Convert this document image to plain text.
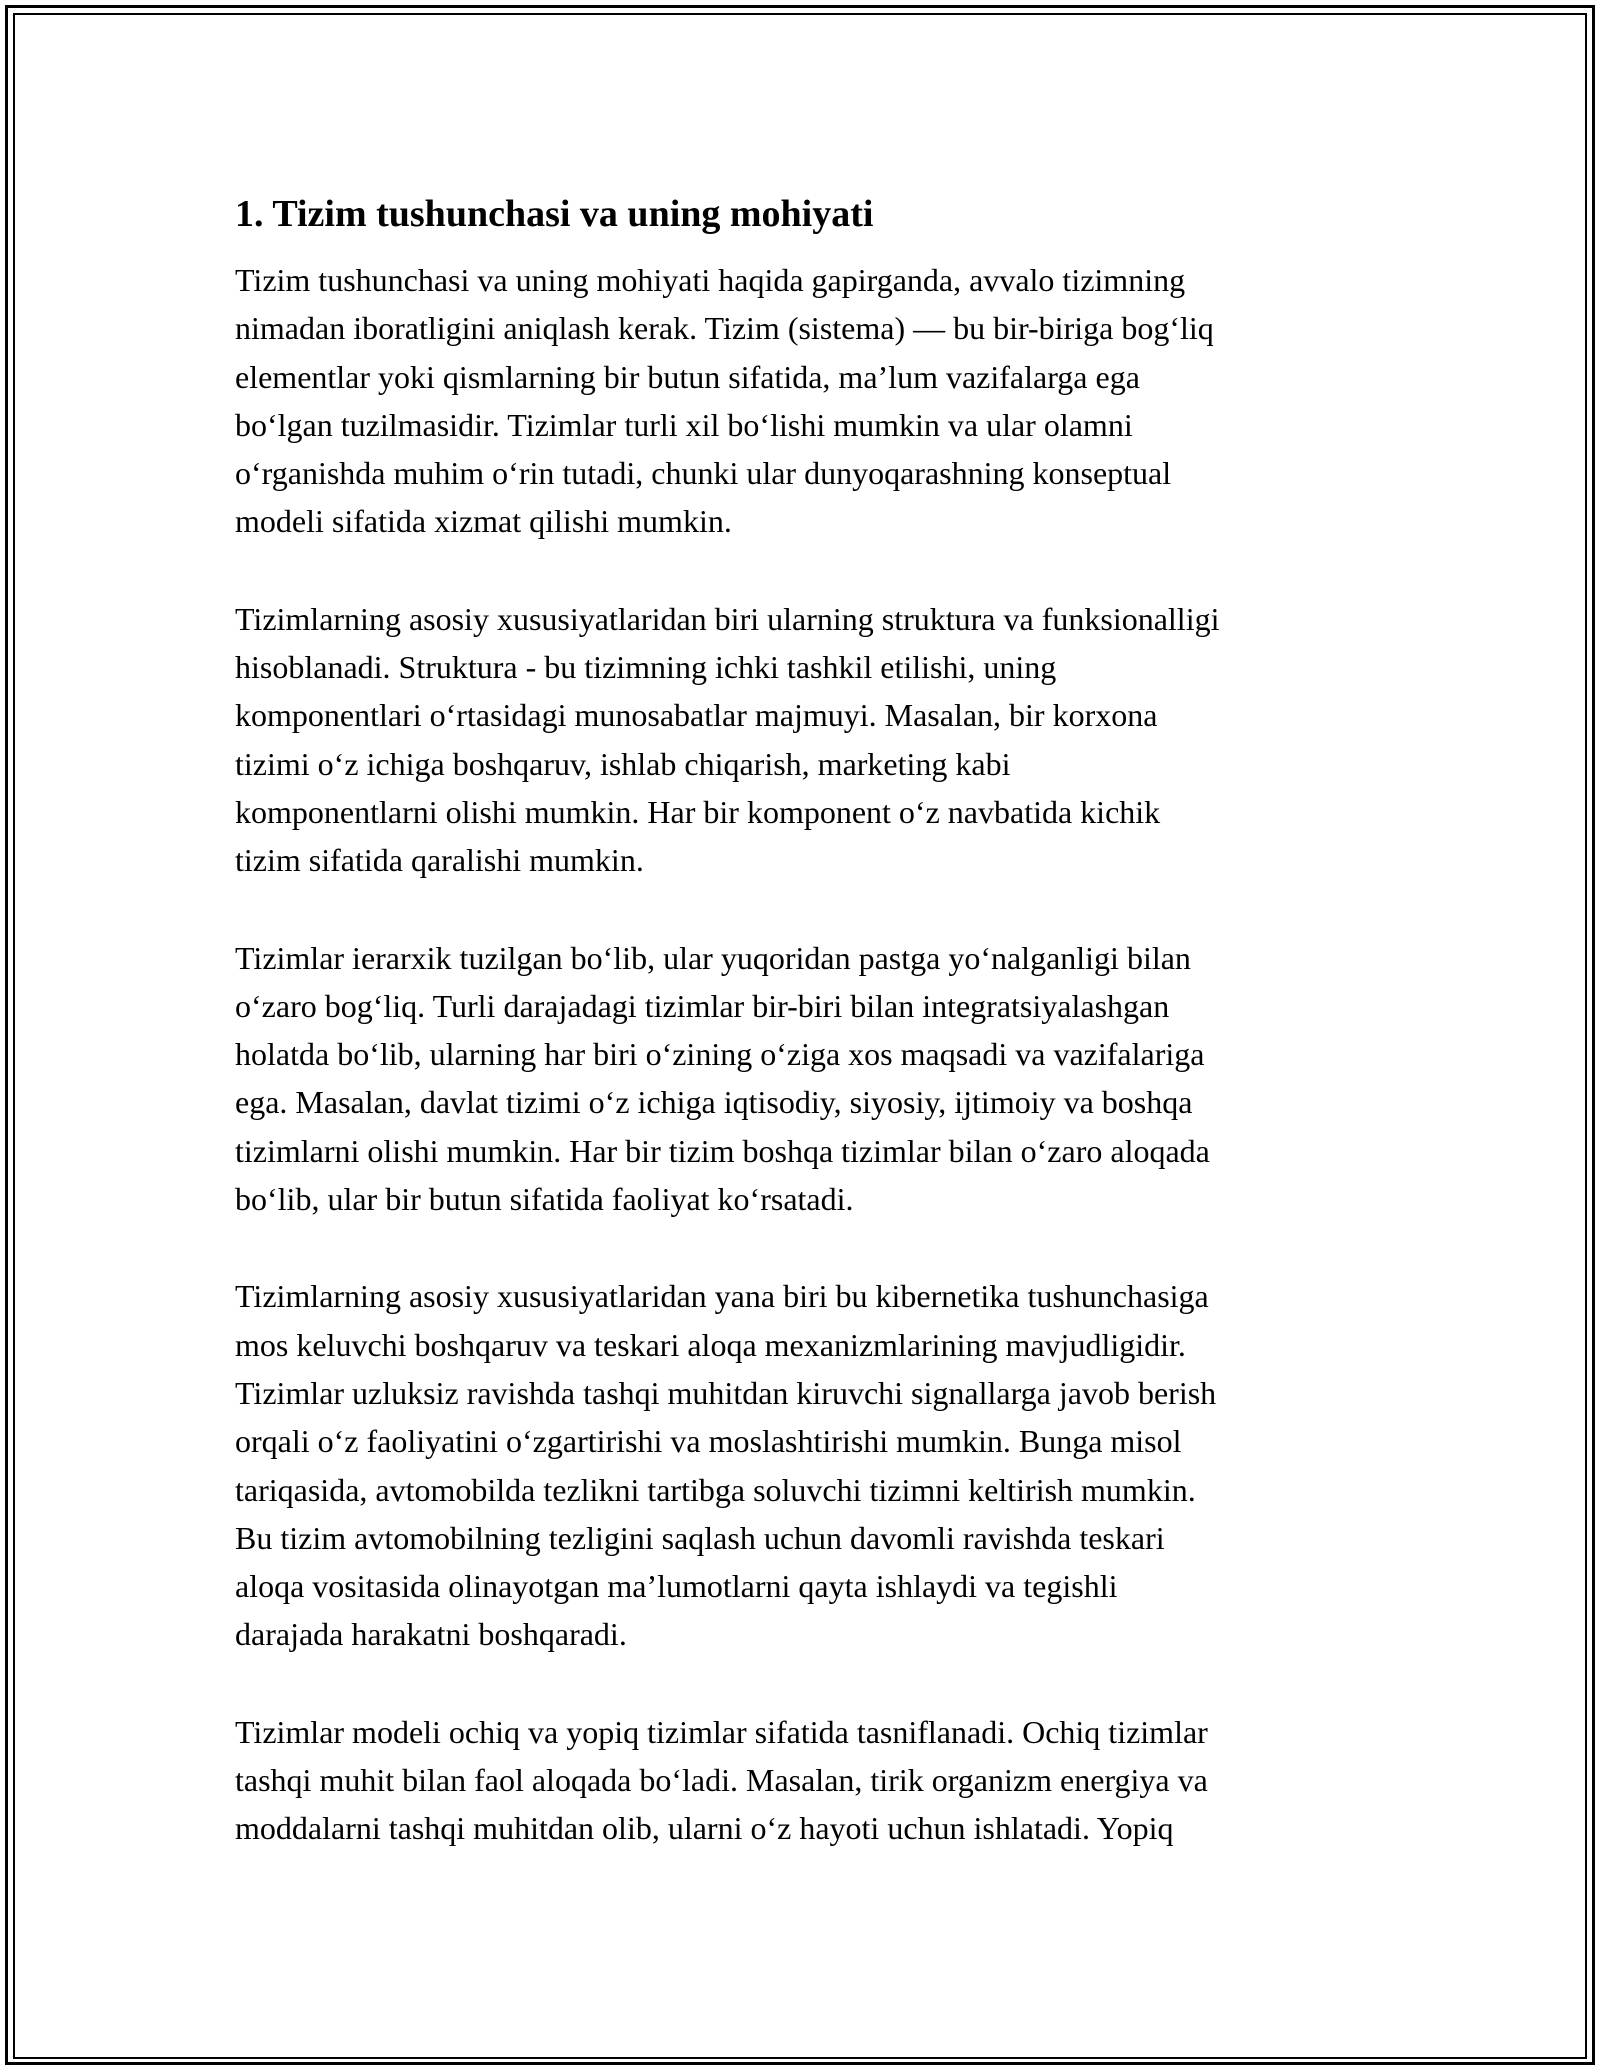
1. Tizim tushunchasi va uning mohiyati
Tizim tushunchasi va uning mohiyati haqida gapirganda, avvalo tizimning
nimadan iboratligini aniqlash kerak. Tizim (sistema) — bu bir-biriga bog‘liq
elementlar yoki qismlarning bir butun sifatida, ma’lum vazifalarga ega
bo‘lgan tuzilmasidir. Tizimlar turli xil bo‘lishi mumkin va ular olamni
o‘rganishda muhim o‘rin tutadi, chunki ular dunyoqarashning konseptual
modeli sifatida xizmat qilishi mumkin.
Tizimlarning asosiy xususiyatlaridan biri ularning struktura va funksionalligi
hisoblanadi. Struktura - bu tizimning ichki tashkil etilishi, uning
komponentlari o‘rtasidagi munosabatlar majmuyi. Masalan, bir korxona
tizimi o‘z ichiga boshqaruv, ishlab chiqarish, marketing kabi
komponentlarni olishi mumkin. Har bir komponent o‘z navbatida kichik
tizim sifatida qaralishi mumkin.
Tizimlar ierarxik tuzilgan bo‘lib, ular yuqoridan pastga yo‘nalganligi bilan
o‘zaro bog‘liq. Turli darajadagi tizimlar bir-biri bilan integratsiyalashgan
holatda bo‘lib, ularning har biri o‘zining o‘ziga xos maqsadi va vazifalariga
ega. Masalan, davlat tizimi o‘z ichiga iqtisodiy, siyosiy, ijtimoiy va boshqa
tizimlarni olishi mumkin. Har bir tizim boshqa tizimlar bilan o‘zaro aloqada
bo‘lib, ular bir butun sifatida faoliyat ko‘rsatadi.
Tizimlarning asosiy xususiyatlaridan yana biri bu kibernetika tushunchasiga
mos keluvchi boshqaruv va teskari aloqa mexanizmlarining mavjudligidir.
Tizimlar uzluksiz ravishda tashqi muhitdan kiruvchi signallarga javob berish
orqali o‘z faoliyatini o‘zgartirishi va moslashtirishi mumkin. Bunga misol
tariqasida, avtomobilda tezlikni tartibga soluvchi tizimni keltirish mumkin.
Bu tizim avtomobilning tezligini saqlash uchun davomli ravishda teskari
aloqa vositasida olinayotgan ma’lumotlarni qayta ishlaydi va tegishli
darajada harakatni boshqaradi.
Tizimlar modeli ochiq va yopiq tizimlar sifatida tasniflanadi. Ochiq tizimlar
tashqi muhit bilan faol aloqada bo‘ladi. Masalan, tirik organizm energiya va
moddalarni tashqi muhitdan olib, ularni o‘z hayoti uchun ishlatadi. Yopiq
